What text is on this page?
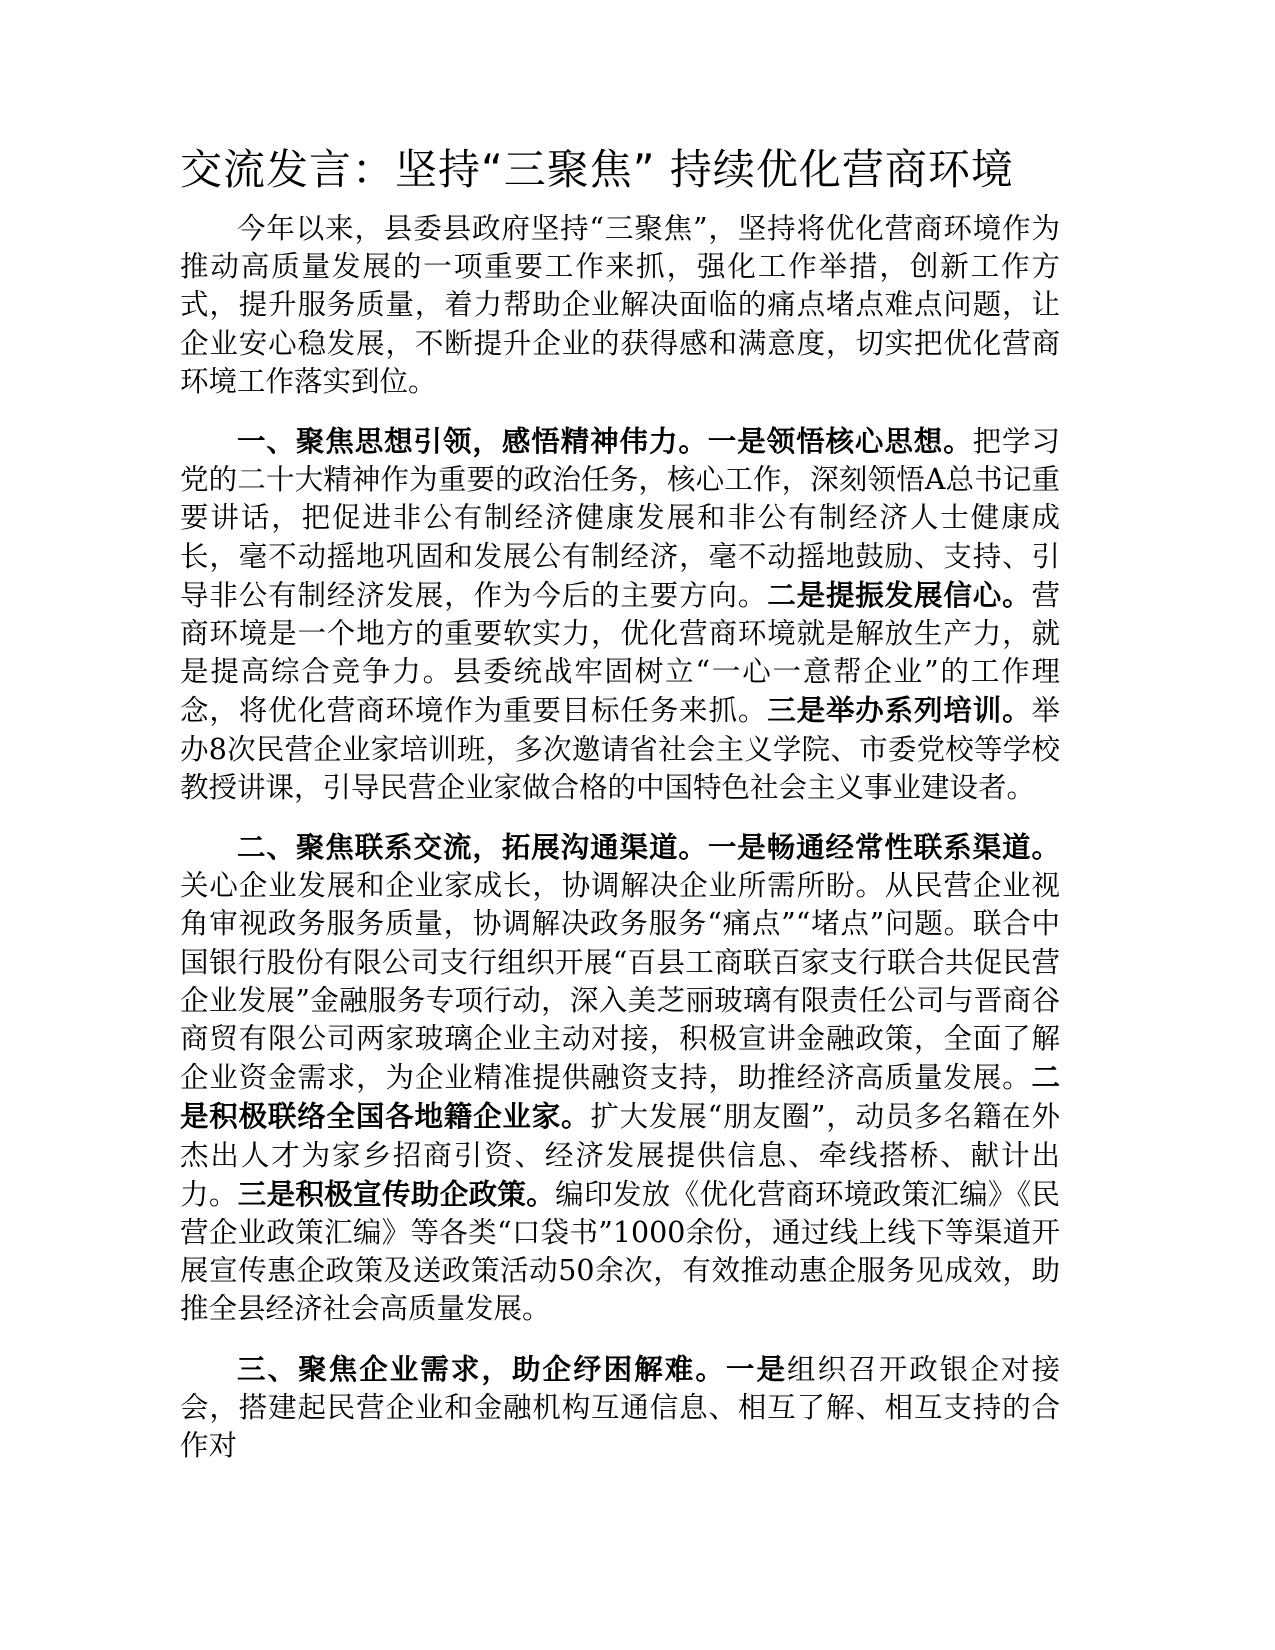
交流发言：坚持“三聚焦” 持续优化营商环境

今年以来，县委县政府坚持“三聚焦”，坚持将优化营商环境作为推动高质量发展的一项重要工作来抓，强化工作举措，创新工作方式，提升服务质量，着力帮助企业解决面临的痛点堵点难点问题，让企业安心稳发展，不断提升企业的获得感和满意度，切实把优化营商环境工作落实到位。

一、聚焦思想引领，感悟精神伟力。一是领悟核心思想。把学习党的二十大精神作为重要的政治任务，核心工作，深刻领悟A总书记重要讲话，把促进非公有制经济健康发展和非公有制经济人士健康成长，毫不动摇地巩固和发展公有制经济，毫不动摇地鼓励、支持、引导非公有制经济发展，作为今后的主要方向。二是提振发展信心。营商环境是一个地方的重要软实力，优化营商环境就是解放生产力，就是提高综合竞争力。县委统战牢固树立“一心一意帮企业”的工作理念，将优化营商环境作为重要目标任务来抓。三是举办系列培训。举办8次民营企业家培训班，多次邀请省社会主义学院、市委党校等学校教授讲课，引导民营企业家做合格的中国特色社会主义事业建设者。

二、聚焦联系交流，拓展沟通渠道。一是畅通经常性联系渠道。关心企业发展和企业家成长，协调解决企业所需所盼。从民营企业视角审视政务服务质量，协调解决政务服务“痛点”“堵点”问题。联合中国银行股份有限公司支行组织开展“百县工商联百家支行联合共促民营企业发展”金融服务专项行动，深入美芝丽玻璃有限责任公司与晋商谷商贸有限公司两家玻璃企业主动对接，积极宣讲金融政策，全面了解企业资金需求，为企业精准提供融资支持，助推经济高质量发展。二是积极联络全国各地籍企业家。扩大发展“朋友圈”，动员多名籍在外杰出人才为家乡招商引资、经济发展提供信息、牵线搭桥、献计出力。三是积极宣传助企政策。编印发放《优化营商环境政策汇编》《民营企业政策汇编》等各类“口袋书”1000余份，通过线上线下等渠道开展宣传惠企政策及送政策活动50余次，有效推动惠企服务见成效，助推全县经济社会高质量发展。

三、聚焦企业需求，助企纾困解难。一是组织召开政银企对接会，搭建起民营企业和金融机构互通信息、相互了解、相互支持的合作对
